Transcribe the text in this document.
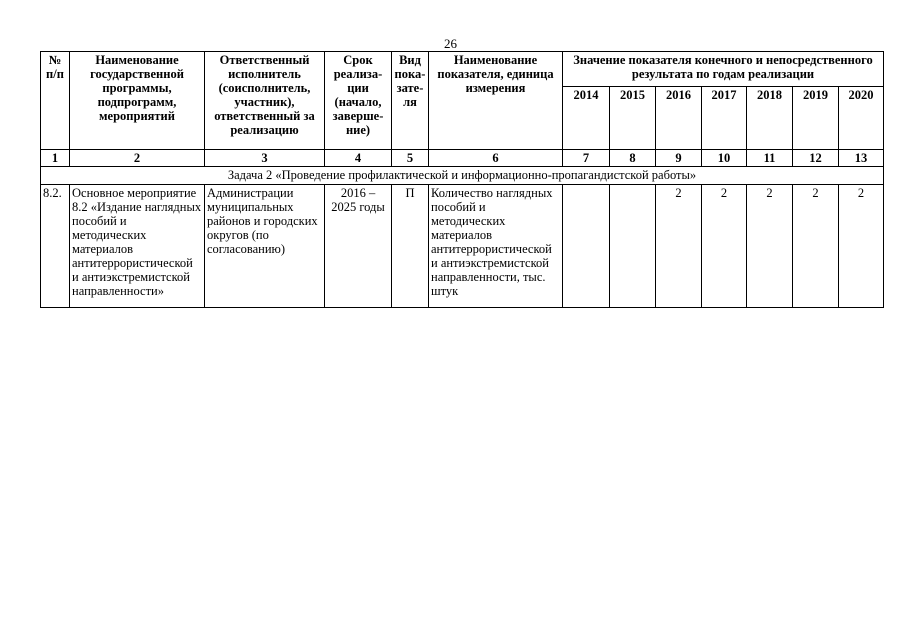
26
№ п/п	Наименование государственной программы, подпрограмм, мероприятий	Ответственный исполнитель (соисполнитель, участник), ответственный за реализацию	Срок реализа-ции (начало, заверше-ние)	Вид пока-зате-ля	Наименование показателя, единица измерения	Значение показателя конечного и непосредственного результата по годам реализации						
						2014	2015	2016	2017	2018	2019	2020
1	2	3	4	5	6	7	8	9	10	11	12	13
Задача 2 «Проведение профилактической и информационно-пропагандистской работы»												
8.2.	Основное мероприятие 8.2 «Издание наглядных пособий и методических материалов антитеррористической и антиэкстремистской направленности»	Администрации муниципальных районов и городских округов (по согласованию)	2016 – 2025 годы	П	Количество наглядных пособий и методических материалов антитеррористической и антиэкстремистской направленности, тыс. штук			2	2	2	2	2
